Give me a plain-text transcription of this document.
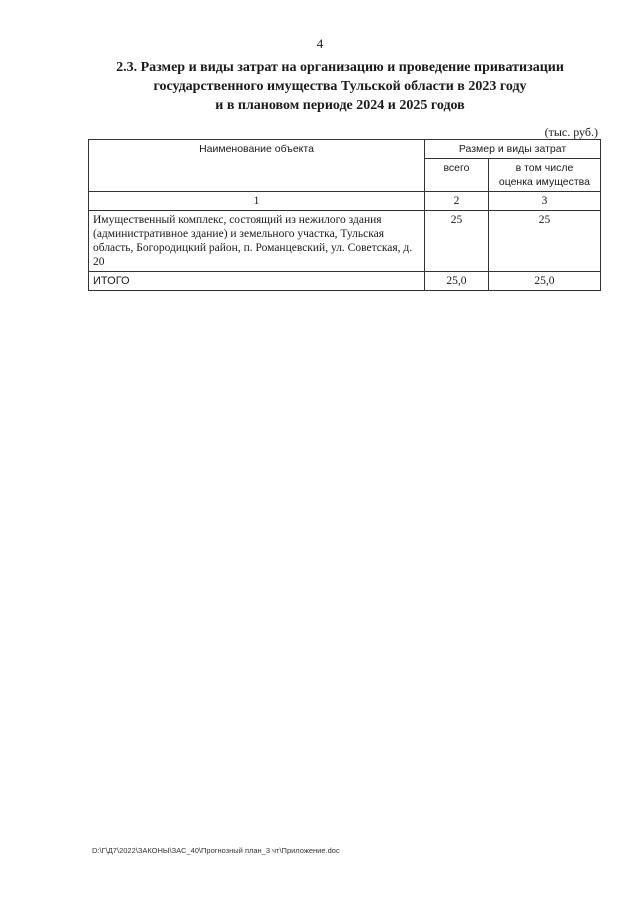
4
2.3. Размер и виды затрат на организацию и проведение приватизации
государственного имущества Тульской области в 2023 году
и в плановом периоде 2024 и 2025 годов
(тыс. руб.)
Наименование объекта	Размер и виды затрат	
	всего	в том числе
оценка имущества
1	2	3
Имущественный комплекс, состоящий из нежилого здания (административное здание) и земельного участка, Тульская область, Богородицкий район, п. Романцевский, ул. Советская, д. 20	25	25
ИТОГО	25,0	25,0
D:\Г\Д7\2022\ЗАКОНЫ\ЗАС_40\Прогнозный план_3 чт\Приложение.doc
